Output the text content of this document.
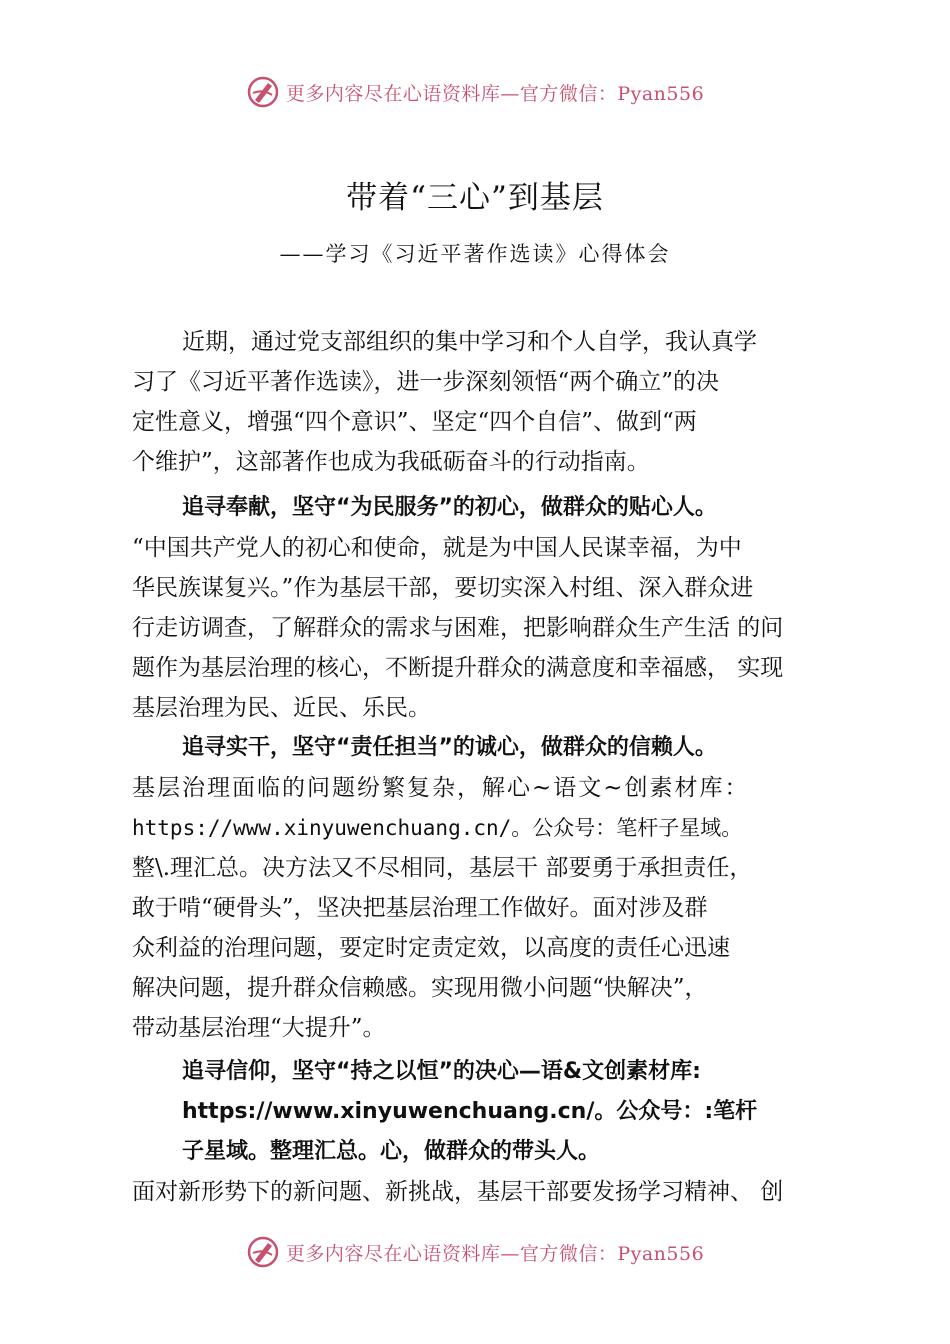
更多内容尽在心语资料库—官方微信：Pyan556
带着“三心”到基层
——学习《习近平著作选读》心得体会
近期，通过党支部组织的集中学习和个人自学，我认真学
习了《习近平著作选读》，进一步深刻领悟“两个确立”的决
定性意义，增强“四个意识”、坚定“四个自信”、做到“两
个维护”，这部著作也成为我砥砺奋斗的行动指南。
追寻奉献，坚守“为民服务”的初心，做群众的贴心人。
“中国共产党人的初心和使命，就是为中国人民谋幸福，为中
华民族谋复兴。”作为基层干部，要切实深入村组、深入群众进
行走访调查，了解群众的需求与困难，把影响群众生产生活 的问
题作为基层治理的核心，不断提升群众的满意度和幸福感， 实现
基层治理为民、近民、乐民。
追寻实干，坚守“责任担当”的诚心，做群众的信赖人。
基层治理面临的问题纷繁复杂，解心~语文~创素材库：
https://www.xinyuwenchuang.cn/。公众号：笔杆子星域。
整\.理汇总。决方法又不尽相同，基层干 部要勇于承担责任，
敢于啃“硬骨头”，坚决把基层治理工作做好。面对涉及群
众利益的治理问题，要定时定责定效，以高度的责任心迅速
解决问题，提升群众信赖感。实现用微小问题“快解决”，
带动基层治理“大提升”。
追寻信仰，坚守“持之以恒”的决心—语&文创素材库:
https://www.xinyuwenchuang.cn/。公众号：:笔杆
子星域。整理汇总。心，做群众的带头人。
面对新形势下的新问题、新挑战，基层干部要发扬学习精神、 创
更多内容尽在心语资料库—官方微信：Pyan556
